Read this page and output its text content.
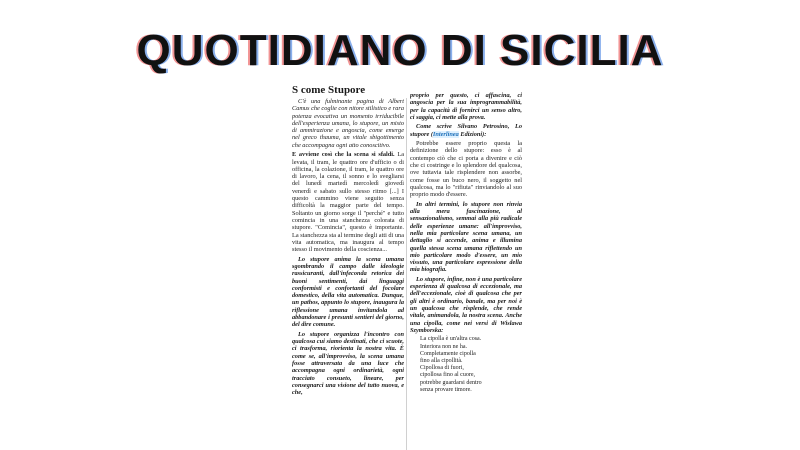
QUOTIDIANO DI SICILIA
S come Stupore

C'è una fulminante pagina di Albert Camus che coglie con nitore stilistico e rara potenza evocativa un momento irriducibile dell'esperienza umana, lo stupore, un misto di ammirazione e angoscia, come emerge nel greco thauma, un vitale sbigottimento che accompagna ogni atto conoscitivo.

E avviene così che la scena si sfaldi. La levata, il tram, le quattro ore d'ufficio o di officina, la colazione, il tram, le quattro ore di lavoro, la cena, il sonno e lo svegliarsi del lunedì martedì mercoledì giovedì venerdì e sabato sullo stesso ritmo [...] I questo cammino viene seguito senza difficoltà la maggior parte del tempo. Soltanto un giorno sorge il "perché" e tutto comincia in una stanchezza colorata di stupore. "Comincia", questo è importante. La stanchezza sta al termine degli atti di una vita automatica, ma inaugura al tempo stesso il movimento della coscienza...

Lo stupore anima la scena umana sgombrando il campo dalle ideologie rassicuranti, dall'infeconda retorica dei buoni sentimenti, dai linguaggi conformisti e confortanti del focolare domestico, della vita automatica. Dunque, un pathos, appunto lo stupore, inaugura la riflessione umana invitandola ad abbandonare i presunti sentieri del giorno, del dire comune.

Lo stupore organizza l'incontro con qualcosa cui siamo destinati, che ci scuote, ci trasforma, riorienta la nostra vita. È come se, all'improvviso, la scena umana fosse attraversata da una luce che accompagna ogni ordinarietà, ogni tracciato consueto, lineare, per consegnarci una visione del tutto nuova, e che,

proprio per questo, ci affascina, ci angoscia per la sua improgrammabilità, per la capacità di fornirci un senso altro, ci saggia, ci mette alla prova.

Come scrive Silvano Petrosino, Lo stupore (Interlinea Edizioni):

Potrebbe essere proprio questa la definizione dello stupore: esso è al contempo ciò che ci porta a divenire e ciò che ci costringe e lo splendore del qualcosa, ove tuttavia tale risplendere non assorbe, come fosse un buco nero, il soggetto nel qualcosa, ma lo "rifiuta" rinviandolo al suo proprio modo d'essere.

In altri termini, lo stupore non rinvia alla mera fascinazione, al sensazionalismo, semmai alla più radicale delle esperienze umane: all'improvviso, nella mia particolare scena umana, un dettaglio si accende, anima e illumina quella stessa scena umana riflettendo un mio particolare modo d'essere, un mio vissuto, una particolare espressione della mia biografia.

Lo stupore, infine, non è una particolare esperienza di qualcosa di eccezionale, ma dell'eccezionale, cioè di qualcosa che per gli altri è ordinario, banale, ma per noi è un qualcosa che risplende, che rende vitale, animandola, la nostra scena. Anche una cipolla, come nei versi di Wislawa Szymborska:

La cipolla è un'altra cosa.
Interiora non ne ha.
Completamente cipolla
fino alla cipollità.
Cipollosa di fuori,
cipollosa fino al cuore,
potrebbe guardarsi dentro
senza provare timore.
